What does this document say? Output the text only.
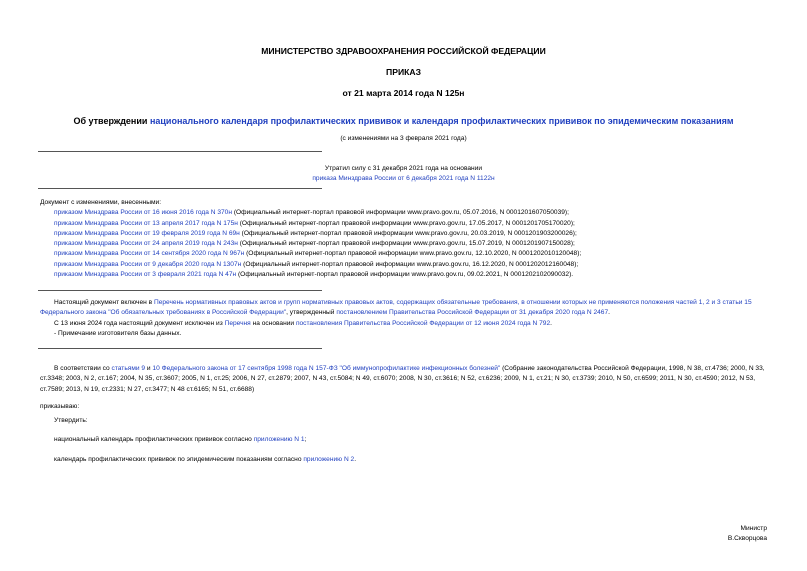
МИНИСТЕРСТВО ЗДРАВООХРАНЕНИЯ РОССИЙСКОЙ ФЕДЕРАЦИИ
ПРИКАЗ
от 21 марта 2014 года N 125н
Об утверждении национального календаря профилактических прививок и календаря профилактических прививок по эпидемическим показаниям
(с изменениями на 3 февраля 2021 года)
Утратил силу с 31 декабря 2021 года на основании
приказа Минздрава России от 6 декабря 2021 года N 1122н
Документ с изменениями, внесенными:
приказом Минздрава России от 16 июня 2016 года N 370н (Официальный интернет-портал правовой информации www.pravo.gov.ru, 05.07.2016, N 0001201607050039);
приказом Минздрава России от 13 апреля 2017 года N 175н (Официальный интернет-портал правовой информации www.pravo.gov.ru, 17.05.2017, N 0001201705170020);
приказом Минздрава России от 19 февраля 2019 года N 69н (Официальный интернет-портал правовой информации www.pravo.gov.ru, 20.03.2019, N 0001201903200026);
приказом Минздрава России от 24 апреля 2019 года N 243н (Официальный интернет-портал правовой информации www.pravo.gov.ru, 15.07.2019, N 0001201907150028);
приказом Минздрава России от 14 сентября 2020 года N 967н (Официальный интернет-портал правовой информации www.pravo.gov.ru, 12.10.2020, N 0001202010120048);
приказом Минздрава России от 9 декабря 2020 года N 1307н (Официальный интернет-портал правовой информации www.pravo.gov.ru, 16.12.2020, N 0001202012160048);
приказом Минздрава России от 3 февраля 2021 года N 47н (Официальный интернет-портал правовой информации www.pravo.gov.ru, 09.02.2021, N 0001202102090032).
Настоящий документ включен в Перечень нормативных правовых актов и групп нормативных правовых актов, содержащих обязательные требования, в отношении которых не применяются положения частей 1, 2 и 3 статьи 15 Федерального закона "Об обязательных требованиях в Российской Федерации", утвержденный постановлением Правительства Российской Федерации от 31 декабря 2020 года N 2467.
С 13 июня 2024 года настоящий документ исключен из Перечня на основании постановления Правительства Российской Федерации от 12 июня 2024 года N 792.
- Примечание изготовителя базы данных.
В соответствии со статьями 9 и 10 Федерального закона от 17 сентября 1998 года N 157-ФЗ "Об иммунопрофилактике инфекционных болезней" (Собрание законодательства Российской Федерации, 1998, N 38, ст.4736; 2000, N 33, ст.3348; 2003, N 2, ст.167; 2004, N 35, ст.3607; 2005, N 1, ст.25; 2006, N 27, ст.2879; 2007, N 43, ст.5084; N 49, ст.6070; 2008, N 30, ст.3616; N 52, ст.6236; 2009, N 1, ст.21; N 30, ст.3739; 2010, N 50, ст.6599; 2011, N 30, ст.4590; 2012, N 53, ст.7589; 2013, N 19, ст.2331; N 27, ст.3477; N 48 ст.6165; N 51, ст.6688)
приказываю:
Утвердить:
национальный календарь профилактических прививок согласно приложению N 1;
календарь профилактических прививок по эпидемическим показаниям согласно приложению N 2.
Министр
В.Скворцова
